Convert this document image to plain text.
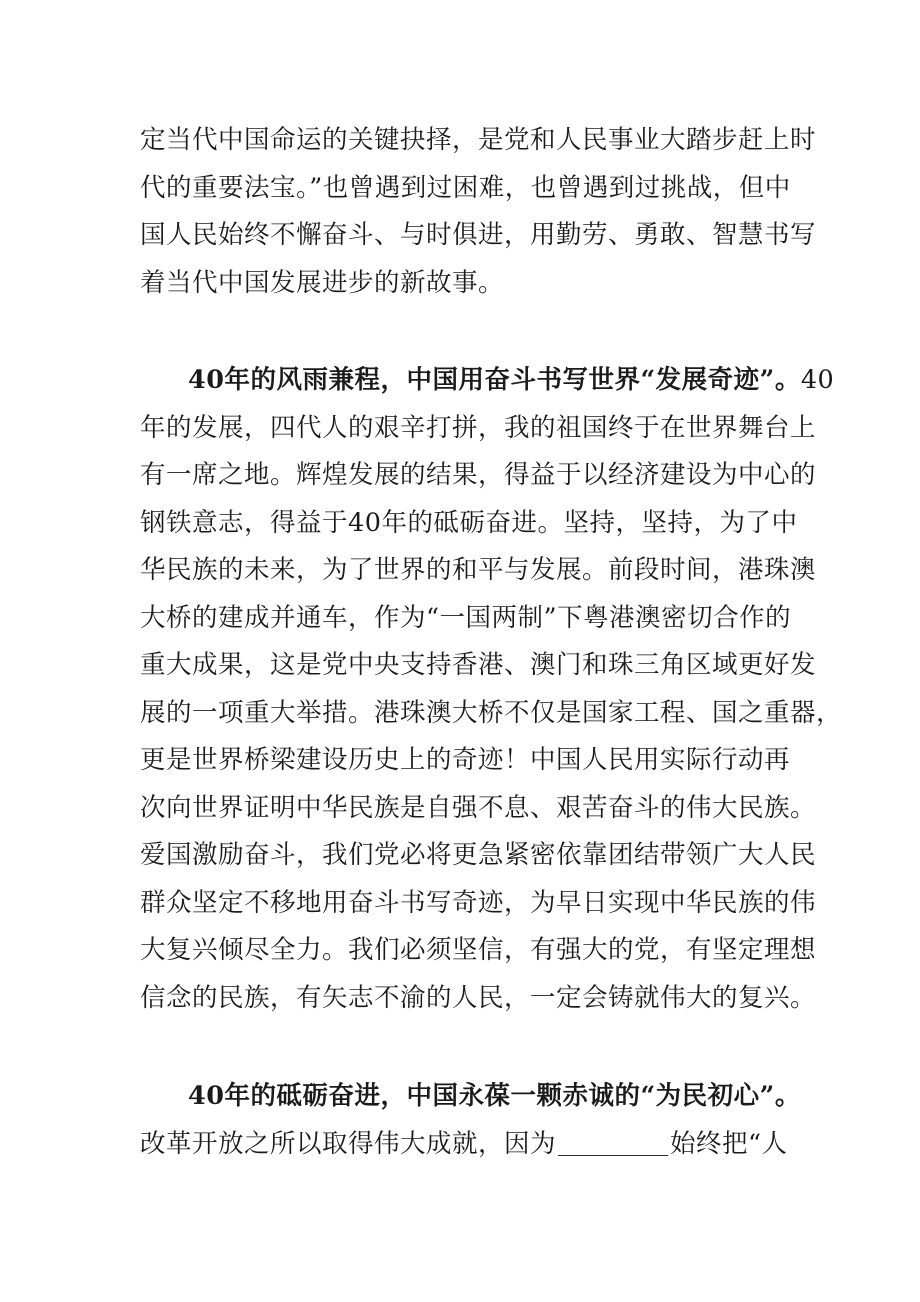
定当代中国命运的关键抉择，是党和人民事业大踏步赶上时
代的重要法宝。”也曾遇到过困难，也曾遇到过挑战，但中
国人民始终不懈奋斗、与时俱进，用勤劳、勇敢、智慧书写
着当代中国发展进步的新故事。

40年的风雨兼程，中国用奋斗书写世界“发展奇迹”。40
年的发展，四代人的艰辛打拼，我的祖国终于在世界舞台上
有一席之地。辉煌发展的结果，得益于以经济建设为中心的
钢铁意志，得益于40年的砥砺奋进。坚持，坚持，为了中
华民族的未来，为了世界的和平与发展。前段时间，港珠澳
大桥的建成并通车，作为“一国两制”下粤港澳密切合作的
重大成果，这是党中央支持香港、澳门和珠三角区域更好发
展的一项重大举措。港珠澳大桥不仅是国家工程、国之重器，
更是世界桥梁建设历史上的奇迹！中国人民用实际行动再
次向世界证明中华民族是自强不息、艰苦奋斗的伟大民族。
爱国激励奋斗，我们党必将更急紧密依靠团结带领广大人民
群众坚定不移地用奋斗书写奇迹，为早日实现中华民族的伟
大复兴倾尽全力。我们必须坚信，有强大的党，有坚定理想
信念的民族，有矢志不渝的人民，一定会铸就伟大的复兴。

40年的砥砺奋进，中国永葆一颗赤诚的“为民初心”。
改革开放之所以取得伟大成就，因为	始终把“人
